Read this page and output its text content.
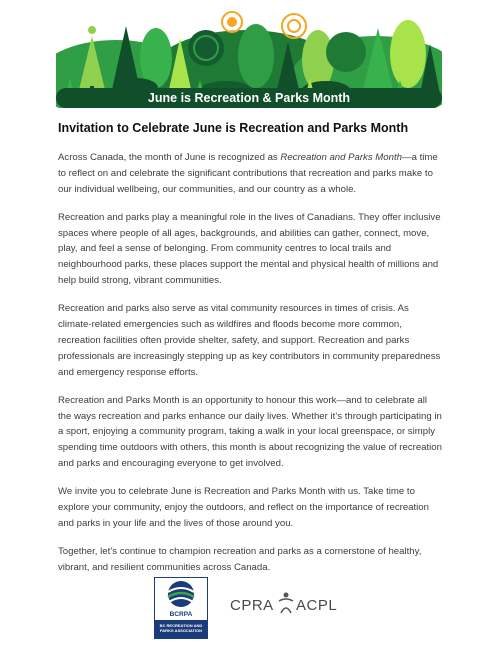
June is Recreation & Parks Month
Invitation to Celebrate June is Recreation and Parks Month

Across Canada, the month of June is recognized as Recreation and Parks Month—a time to reflect on and celebrate the significant contributions that recreation and parks make to our individual wellbeing, our communities, and our country as a whole.

Recreation and parks play a meaningful role in the lives of Canadians. They offer inclusive spaces where people of all ages, backgrounds, and abilities can gather, connect, move, play, and feel a sense of belonging. From community centres to local trails and neighbourhood parks, these places support the mental and physical health of millions and help build strong, vibrant communities.

Recreation and parks also serve as vital community resources in times of crisis. As climate-related emergencies such as wildfires and floods become more common, recreation facilities often provide shelter, safety, and support. Recreation and parks professionals are increasingly stepping up as key contributors in community preparedness and emergency response efforts.

Recreation and Parks Month is an opportunity to honour this work—and to celebrate all the ways recreation and parks enhance our daily lives. Whether it’s through participating in a sport, enjoying a community program, taking a walk in your local greenspace, or simply spending time outdoors with others, this month is about recognizing the value of recreation and parks and encouraging everyone to get involved.

We invite you to celebrate June is Recreation and Parks Month with us. Take time to explore your community, enjoy the outdoors, and reflect on the importance of recreation and parks in your life and the lives of those around you.

Together, let’s continue to champion recreation and parks as a cornerstone of healthy, vibrant, and resilient communities across Canada.

BCRPA
BC RECREATION AND PARKS ASSOCIATION
CPRA ACPL
